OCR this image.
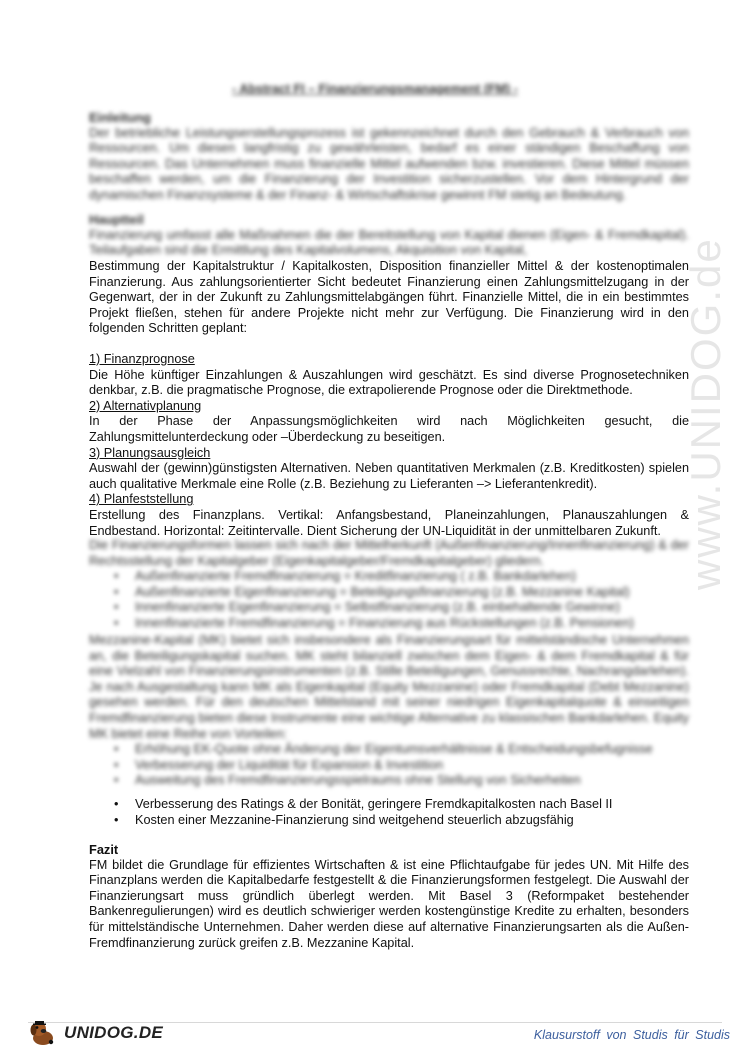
www.UNIDOG.de
- Abstract FI – Finanzierungsmanagement (FM) -

Einleitung

Der betriebliche Leistungserstellungsprozess ist gekennzeichnet durch den Gebrauch & Verbrauch von Ressourcen. Um diesen langfristig zu gewährleisten, bedarf es einer ständigen Beschaffung von Ressourcen. Das Unternehmen muss finanzielle Mittel aufwenden bzw. investieren. Diese Mittel müssen beschaffen werden, um die Finanzierung der Investition sicherzustellen. Vor dem Hintergrund der dynamischen Finanzsysteme & der Finanz- & Wirtschaftskrise gewinnt FM stetig an Bedeutung.

Hauptteil

Finanzierung umfasst alle Maßnahmen die der Bereitstellung von Kapital dienen (Eigen- & Fremdkapital). Teilaufgaben sind die Ermittlung des Kapitalvolumens, Akquisition von Kapital,

Bestimmung der Kapitalstruktur / Kapitalkosten, Disposition finanzieller Mittel & der kostenoptimalen Finanzierung. Aus zahlungsorientierter Sicht bedeutet Finanzierung einen Zahlungsmittelzugang in der Gegenwart, der in der Zukunft zu Zahlungsmittelabgängen führt. Finanzielle Mittel, die in ein bestimmtes Projekt fließen, stehen für andere Projekte nicht mehr zur Verfügung. Die Finanzierung wird in den folgenden Schritten geplant:

1) Finanzprognose

Die Höhe künftiger Einzahlungen & Auszahlungen wird geschätzt. Es sind diverse Prognosetechniken denkbar, z.B. die pragmatische Prognose, die extrapolierende Prognose oder die Direktmethode.

2) Alternativplanung

In der Phase der Anpassungsmöglichkeiten wird nach Möglichkeiten gesucht, die Zahlungsmittelunterdeckung oder –Überdeckung zu beseitigen.

3) Planungsausgleich

Auswahl der (gewinn)günstigsten Alternativen. Neben quantitativen Merkmalen (z.B. Kreditkosten) spielen auch qualitative Merkmale eine Rolle (z.B. Beziehung zu Lieferanten –> Lieferantenkredit).

4) Planfeststellung

Erstellung des Finanzplans. Vertikal: Anfangsbestand, Planeinzahlungen, Planauszahlungen & Endbestand. Horizontal: Zeitintervalle. Dient Sicherung der UN-Liquidität in der unmittelbaren Zukunft.

Die Finanzierungsformen lassen sich nach der Mittelherkunft (Außenfinanzierung/Innenfinanzierung) & der Rechtsstellung der Kapitalgeber (Eigenkapitalgeber/Fremdkapitalgeber) gliedern.

• Außenfinanzierte Fremdfinanzierung = Kreditfinanzierung ( z.B. Bankdarlehen)
• Außenfinanzierte Eigenfinanzierung = Beteiligungsfinanzierung (z.B. Mezzanine Kapital)
• Innenfinanzierte Eigenfinanzierung = Selbstfinanzierung (z.B. einbehaltende Gewinne)
• Innenfinanzierte Fremdfinanzierung = Finanzierung aus Rückstellungen (z.B. Pensionen)

Mezzanine-Kapital (MK) bietet sich insbesondere als Finanzierungsart für mittelständische Unternehmen an, die Beteiligungskapital suchen. MK steht bilanziell zwischen dem Eigen- & dem Fremdkapital & für eine Vielzahl von Finanzierungsinstrumenten (z.B. Stille Beteiligungen, Genussrechte, Nachrangdarlehen). Je nach Ausgestaltung kann MK als Eigenkapital (Equity Mezzanine) oder Fremdkapital (Debt Mezzanine) gesehen werden. Für den deutschen Mittelstand mit seiner niedrigen Eigenkapitalquote & einseitigen Fremdfinanzierung bieten diese Instrumente eine wichtige Alternative zu klassischen Bankdarlehen. Equity MK bietet eine Reihe von Vorteilen:

• Erhöhung EK-Quote ohne Änderung der Eigentumsverhältnisse & Entscheidungsbefugnisse
• Verbesserung der Liquidität für Expansion & Investition
• Ausweitung des Fremdfinanzierungsspielraums ohne Stellung von Sicherheiten
• Verbesserung des Ratings & der Bonität, geringere Fremdkapitalkosten nach Basel II
• Kosten einer Mezzanine-Finanzierung sind weitgehend steuerlich abzugsfähig

Fazit

FM bildet die Grundlage für effizientes Wirtschaften & ist eine Pflichtaufgabe für jedes UN. Mit Hilfe des Finanzplans werden die Kapitalbedarfe festgestellt & die Finanzierungsformen festgelegt. Die Auswahl der Finanzierungsart muss gründlich überlegt werden. Mit Basel 3 (Reformpaket bestehender Bankenregulierungen) wird es deutlich schwieriger werden kostengünstige Kredite zu erhalten, besonders für mittelständische Unternehmen. Daher werden diese auf alternative Finanzierungsarten als die Außen-Fremdfinanzierung zurück greifen z.B. Mezzanine Kapital.

UNIDOG.DE	Klausurstoff von Studis für Studis
